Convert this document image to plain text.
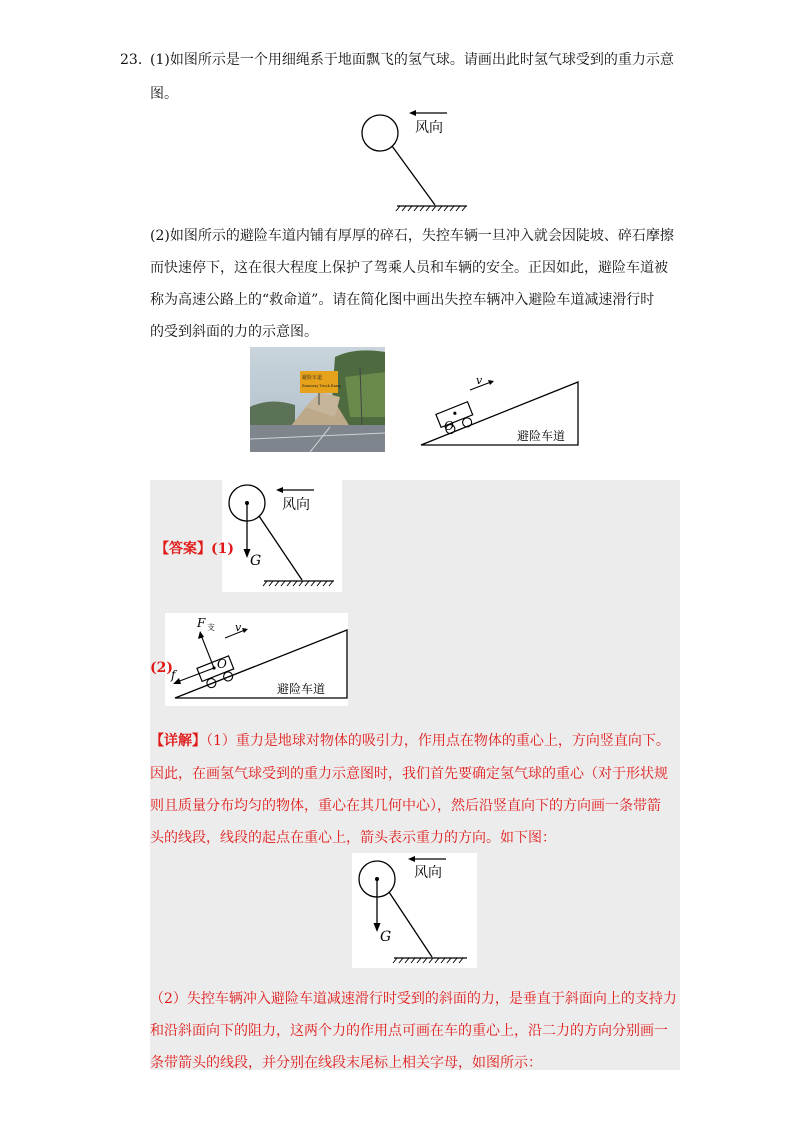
23．
(1)如图所示是一个用细绳系于地面飘飞的氢气球。请画出此时氢气球受到的重力示意
图。
风向
(2)如图所示的避险车道内铺有厚厚的碎石，失控车辆一旦冲入就会因陡坡、碎石摩擦
而快速停下，这在很大程度上保护了驾乘人员和车辆的安全。正因如此，避险车道被
称为高速公路上的“救命道”。请在简化图中画出失控车辆冲入避险车道减速滑行时
的受到斜面的力的示意图。
避险车道
Runaway Truck Ramp
O
v
避险车道
G
风向
【答案】(1)
O
F 支
f
v
避险车道
(2)
【详解】（1）重力是地球对物体的吸引力，作用点在物体的重心上，方向竖直向下。
因此，在画氢气球受到的重力示意图时，我们首先要确定氢气球的重心（对于形状规
则且质量分布均匀的物体，重心在其几何中心），然后沿竖直向下的方向画一条带箭
头的线段，线段的起点在重心上，箭头表示重力的方向。如下图：
G
风向
（2）失控车辆冲入避险车道减速滑行时受到的斜面的力，是垂直于斜面向上的支持力
和沿斜面向下的阻力，这两个力的作用点可画在车的重心上，沿二力的方向分别画一
条带箭头的线段，并分别在线段末尾标上相关字母，如图所示：
